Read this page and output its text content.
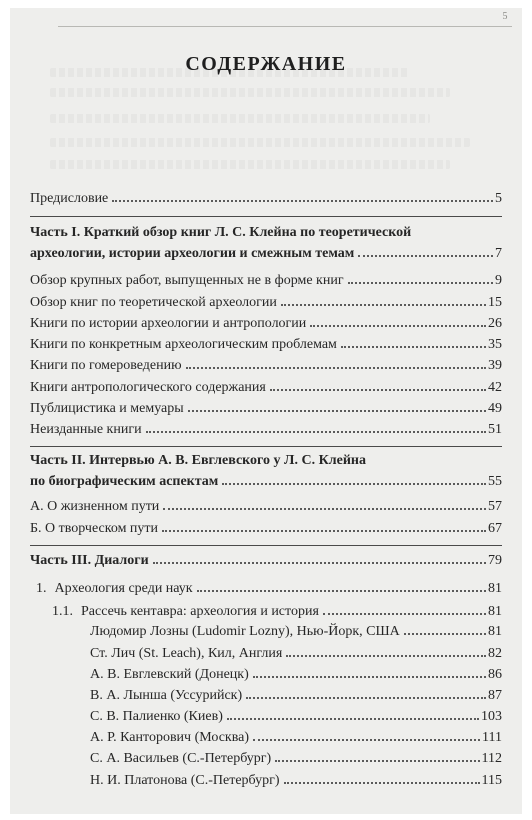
5
СОДЕРЖАНИЕ
Предисловие	5
Часть I. Краткий обзор книг Л. С. Клейна по теоретической
археологии, истории археологии и смежным темам	7
Обзор крупных работ, выпущенных не в форме книг	9
Обзор книг по теоретической археологии	15
Книги по истории археологии и антропологии	26
Книги по конкретным археологическим проблемам	35
Книги по гомероведению	39
Книги антропологического содержания	42
Публицистика и мемуары	49
Неизданные книги	51
Часть II. Интервью А. В. Евглевского у Л. С. Клейна
по биографическим аспектам	55
А. О жизненном пути	57
Б. О творческом пути	67
Часть III. Диалоги	79
1. Археология среди наук	81
1.1. Рассечь кентавра: археология и история	81
Людомир Лозны (Ludomir Lozny), Нью-Йорк, США	81
Ст. Лич (St. Leach), Кил, Англия	82
А. В. Евглевский (Донецк)	86
В. А. Лынша (Уссурийск)	87
С. В. Палиенко (Киев)	103
А. Р. Канторович (Москва)	111
С. А. Васильев (С.-Петербург)	112
Н. И. Платонова (С.-Петербург)	115
